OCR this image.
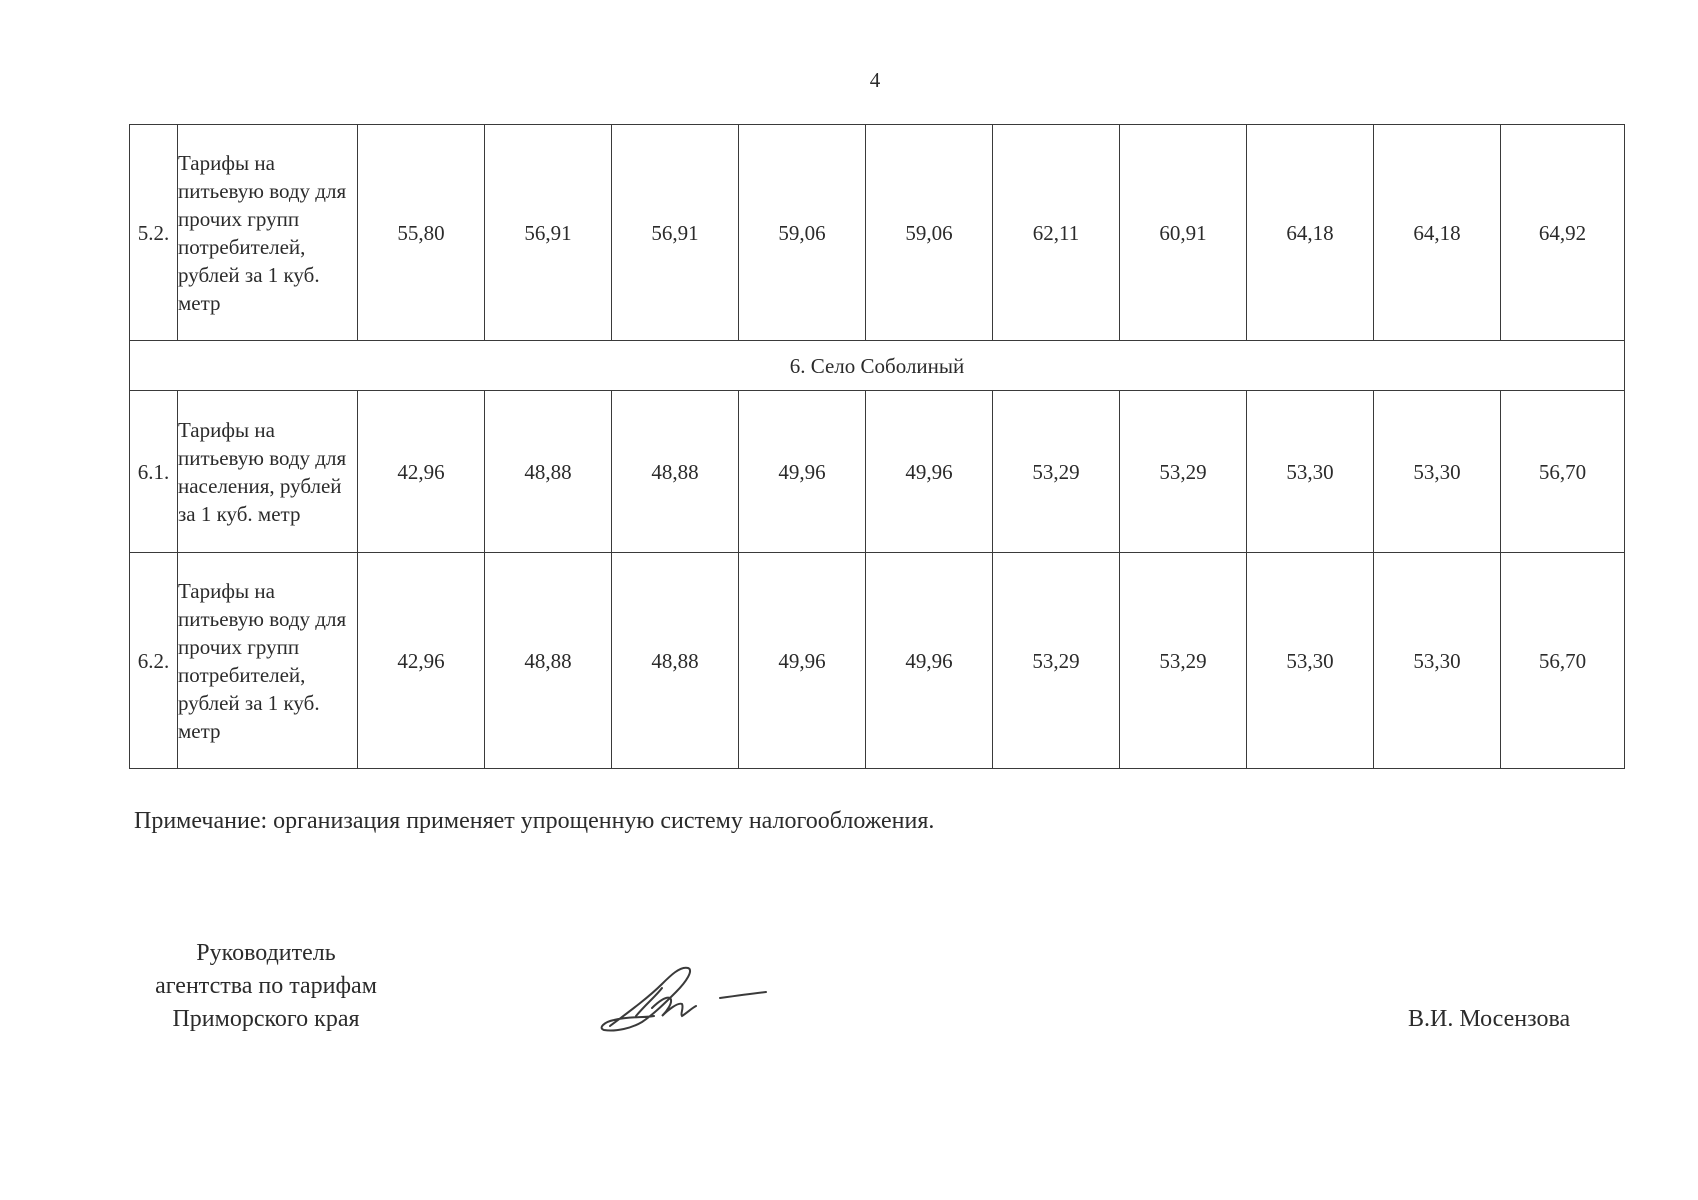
4
5.2.	Тарифы на питьевую воду для прочих групп потребителей, рублей за 1 куб. метр	55,80	56,91	56,91	59,06	59,06	62,11	60,91	64,18	64,18	64,92
6. Село Соболиный											
6.1.	Тарифы на питьевую воду для населения, рублей за 1 куб. метр	42,96	48,88	48,88	49,96	49,96	53,29	53,29	53,30	53,30	56,70
6.2.	Тарифы на питьевую воду для прочих групп потребителей, рублей за 1 куб. метр	42,96	48,88	48,88	49,96	49,96	53,29	53,29	53,30	53,30	56,70
Примечание: организация применяет упрощенную систему налогообложения.
Руководитель
агентства по тарифам
Приморского края	В.И. Мосензова
